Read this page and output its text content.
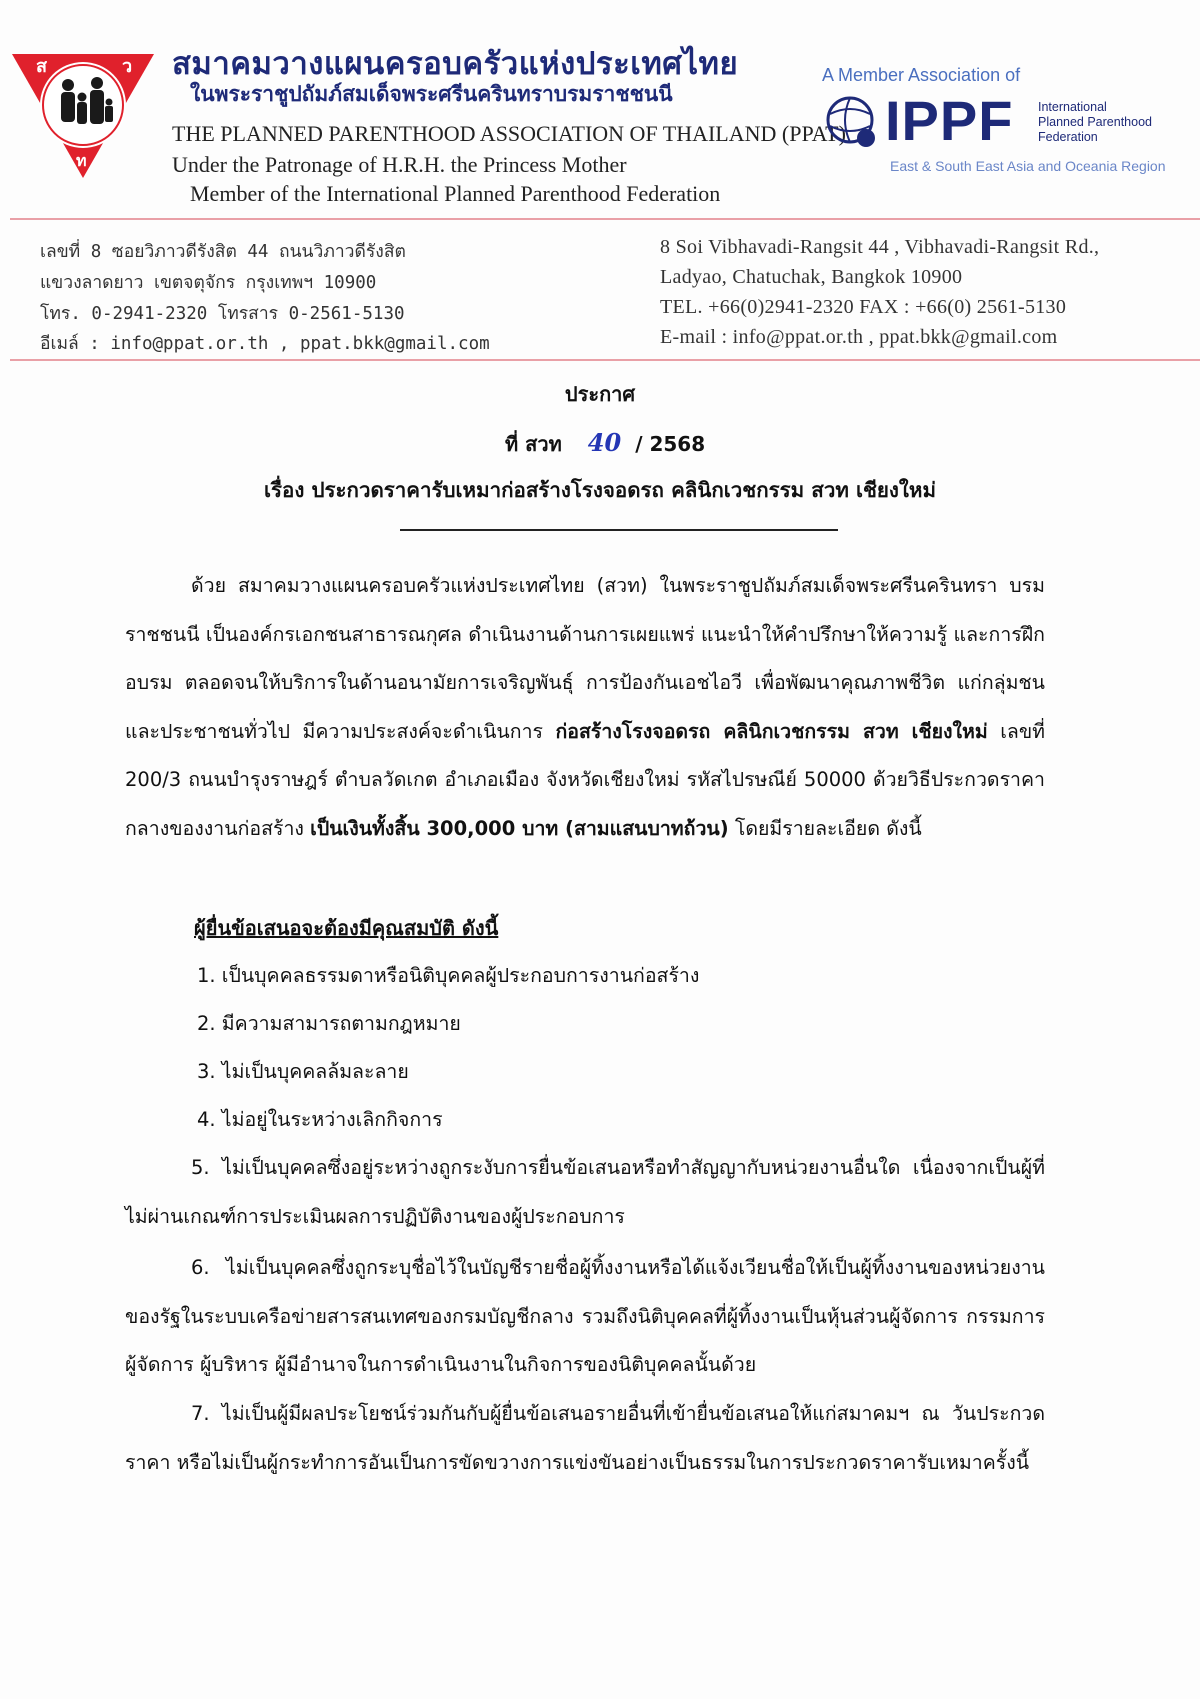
ส	ว
ท
สมาคมวางแผนครอบครัวแห่งประเทศไทย
ในพระราชูปถัมภ์สมเด็จพระศรีนครินทราบรมราชชนนี
THE PLANNED PARENTHOOD ASSOCIATION OF THAILAND (PPAT)
Under the Patronage of H.R.H. the Princess Mother
Member of the International Planned Parenthood Federation
A Member Association of
IPPF International
Planned Parenthood
Federation
East & South East Asia and Oceania Region
เลขที่ 8 ซอยวิภาวดีรังสิต 44 ถนนวิภาวดีรังสิต
แขวงลาดยาว เขตจตุจักร กรุงเทพฯ 10900
โทร. 0-2941-2320 โทรสาร 0-2561-5130
อีเมล์ : info@ppat.or.th , ppat.bkk@gmail.com
8 Soi Vibhavadi-Rangsit 44 , Vibhavadi-Rangsit Rd.,
Ladyao, Chatuchak, Bangkok 10900
TEL. +66(0)2941-2320 FAX : +66(0) 2561-5130
E-mail : info@ppat.or.th , ppat.bkk@gmail.com
ประกาศ
ที่ สวท 40 / 2568
เรื่อง ประกวดราคารับเหมาก่อสร้างโรงจอดรถ คลินิกเวชกรรม สวท เชียงใหม่
ด้วย สมาคมวางแผนครอบครัวแห่งประเทศไทย (สวท) ในพระราชูปถัมภ์สมเด็จพระศรีนครินทรา บรมราชชนนี เป็นองค์กรเอกชนสาธารณกุศล ดำเนินงานด้านการเผยแพร่ แนะนำให้คำปรึกษาให้ความรู้ และการฝึกอบรม ตลอดจนให้บริการในด้านอนามัยการเจริญพันธุ์ การป้องกันเอชไอวี เพื่อพัฒนาคุณภาพชีวิต แก่กลุ่มชน และประชาชนทั่วไป มีความประสงค์จะดำเนินการ ก่อสร้างโรงจอดรถ คลินิกเวชกรรม สวท เชียงใหม่ เลขที่ 200/3 ถนนบำรุงราษฎร์ ตำบลวัดเกต อำเภอเมือง จังหวัดเชียงใหม่ รหัสไปรษณีย์ 50000 ด้วยวิธีประกวดราคากลางของงานก่อสร้าง เป็นเงินทั้งสิ้น 300,000 บาท (สามแสนบาทถ้วน) โดยมีรายละเอียด ดังนี้
ผู้ยื่นข้อเสนอจะต้องมีคุณสมบัติ ดังนี้
1. เป็นบุคคลธรรมดาหรือนิติบุคคลผู้ประกอบการงานก่อสร้าง
2. มีความสามารถตามกฎหมาย
3. ไม่เป็นบุคคลล้มละลาย
4. ไม่อยู่ในระหว่างเลิกกิจการ
5. ไม่เป็นบุคคลซึ่งอยู่ระหว่างถูกระงับการยื่นข้อเสนอหรือทำสัญญากับหน่วยงานอื่นใด เนื่องจากเป็นผู้ที่ไม่ผ่านเกณฑ์การประเมินผลการปฏิบัติงานของผู้ประกอบการ
6. ไม่เป็นบุคคลซึ่งถูกระบุชื่อไว้ในบัญชีรายชื่อผู้ทิ้งงานหรือได้แจ้งเวียนชื่อให้เป็นผู้ทิ้งงานของหน่วยงานของรัฐในระบบเครือข่ายสารสนเทศของกรมบัญชีกลาง รวมถึงนิติบุคคลที่ผู้ทิ้งงานเป็นหุ้นส่วนผู้จัดการ กรรมการ ผู้จัดการ ผู้บริหาร ผู้มีอำนาจในการดำเนินงานในกิจการของนิติบุคคลนั้นด้วย
7. ไม่เป็นผู้มีผลประโยชน์ร่วมกันกับผู้ยื่นข้อเสนอรายอื่นที่เข้ายื่นข้อเสนอให้แก่สมาคมฯ ณ วันประกวดราคา หรือไม่เป็นผู้กระทำการอันเป็นการขัดขวางการแข่งขันอย่างเป็นธรรมในการประกวดราคารับเหมาครั้งนี้
